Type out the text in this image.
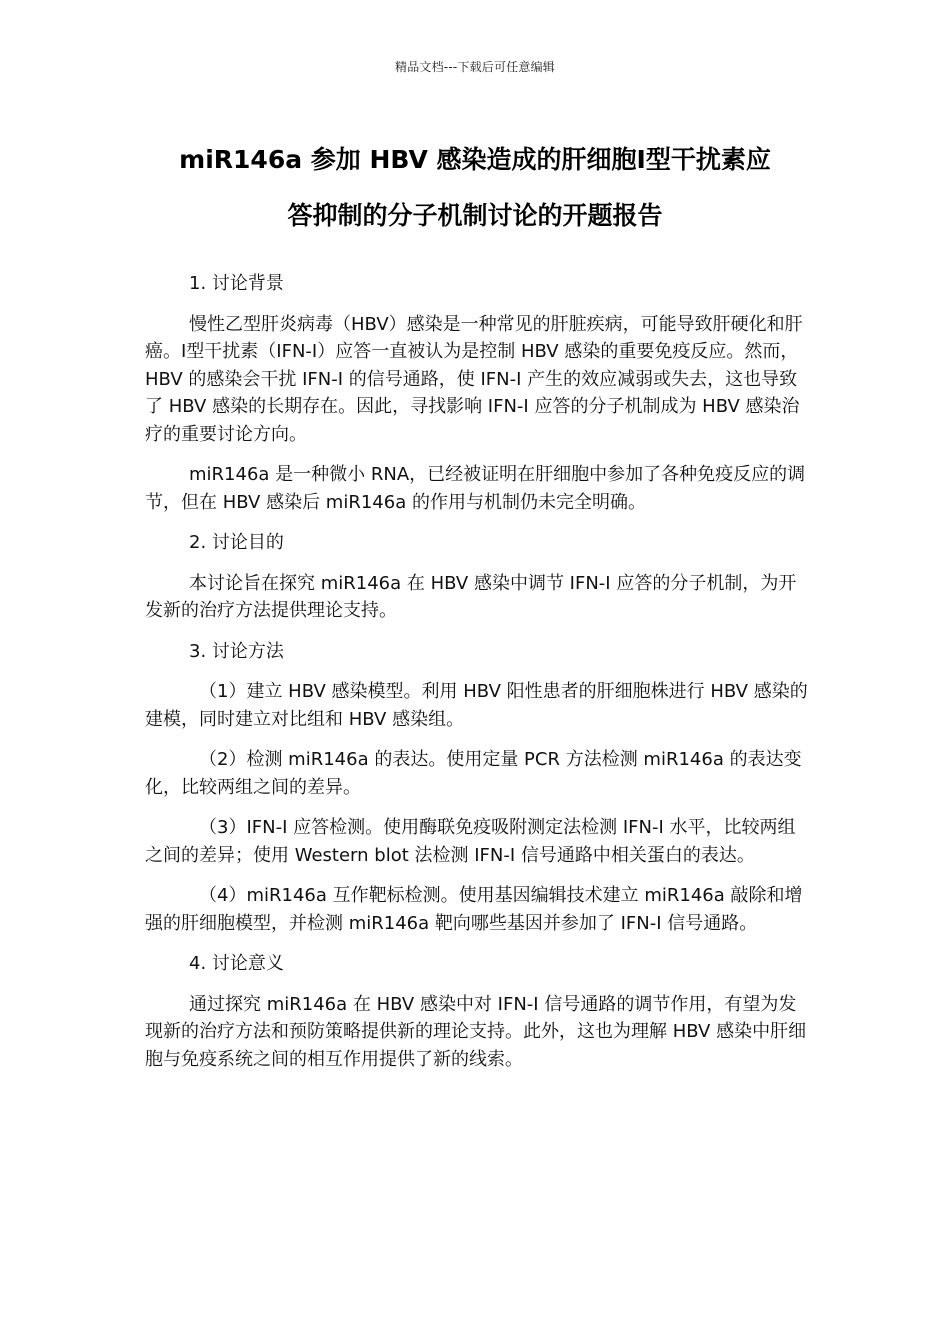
精品文档---下载后可任意编辑
miR146a 参加 HBV 感染造成的肝细胞Ⅰ型干扰素应
答抑制的分子机制讨论的开题报告

1. 讨论背景

慢性乙型肝炎病毒（HBV）感染是一种常见的肝脏疾病，可能导致肝硬化和肝癌。Ⅰ型干扰素（IFN-I）应答一直被认为是控制 HBV 感染的重要免疫反应。然而，HBV 的感染会干扰 IFN-I 的信号通路，使 IFN-I 产生的效应减弱或失去，这也导致了 HBV 感染的长期存在。因此，寻找影响 IFN-I 应答的分子机制成为 HBV 感染治疗的重要讨论方向。

miR146a 是一种微小 RNA，已经被证明在肝细胞中参加了各种免疫反应的调节，但在 HBV 感染后 miR146a 的作用与机制仍未完全明确。

2. 讨论目的

本讨论旨在探究 miR146a 在 HBV 感染中调节 IFN-I 应答的分子机制，为开发新的治疗方法提供理论支持。

3. 讨论方法

（1）建立 HBV 感染模型。利用 HBV 阳性患者的肝细胞株进行 HBV 感染的建模，同时建立对比组和 HBV 感染组。

（2）检测 miR146a 的表达。使用定量 PCR 方法检测 miR146a 的表达变化，比较两组之间的差异。

（3）IFN-I 应答检测。使用酶联免疫吸附测定法检测 IFN-I 水平，比较两组之间的差异；使用 Western blot 法检测 IFN-I 信号通路中相关蛋白的表达。

（4）miR146a 互作靶标检测。使用基因编辑技术建立 miR146a 敲除和增强的肝细胞模型，并检测 miR146a 靶向哪些基因并参加了 IFN-I 信号通路。

4. 讨论意义

通过探究 miR146a 在 HBV 感染中对 IFN-I 信号通路的调节作用，有望为发现新的治疗方法和预防策略提供新的理论支持。此外，这也为理解 HBV 感染中肝细胞与免疫系统之间的相互作用提供了新的线索。
